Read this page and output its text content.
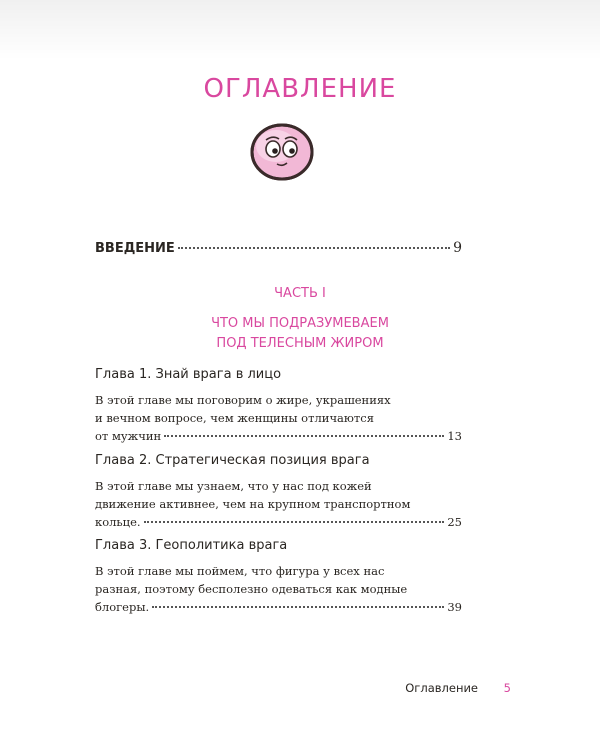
ОГЛАВЛЕНИЕ
ВВЕДЕНИЕ	9
ЧАСТЬ I
ЧТО МЫ ПОДРАЗУМЕВАЕМ
ПОД ТЕЛЕСНЫМ ЖИРОМ
Глава 1. Знай врага в лицо
В этой главе мы поговорим о жире, украшениях
и вечном вопросе, чем женщины отличаются
от мужчин	13
Глава 2. Стратегическая позиция врага
В этой главе мы узнаем, что у нас под кожей
движение активнее, чем на крупном транспортном
кольце.	25
Глава 3. Геополитика врага
В этой главе мы поймем, что фигура у всех нас
разная, поэтому бесполезно одеваться как модные
блогеры.	39
Оглавление 5
